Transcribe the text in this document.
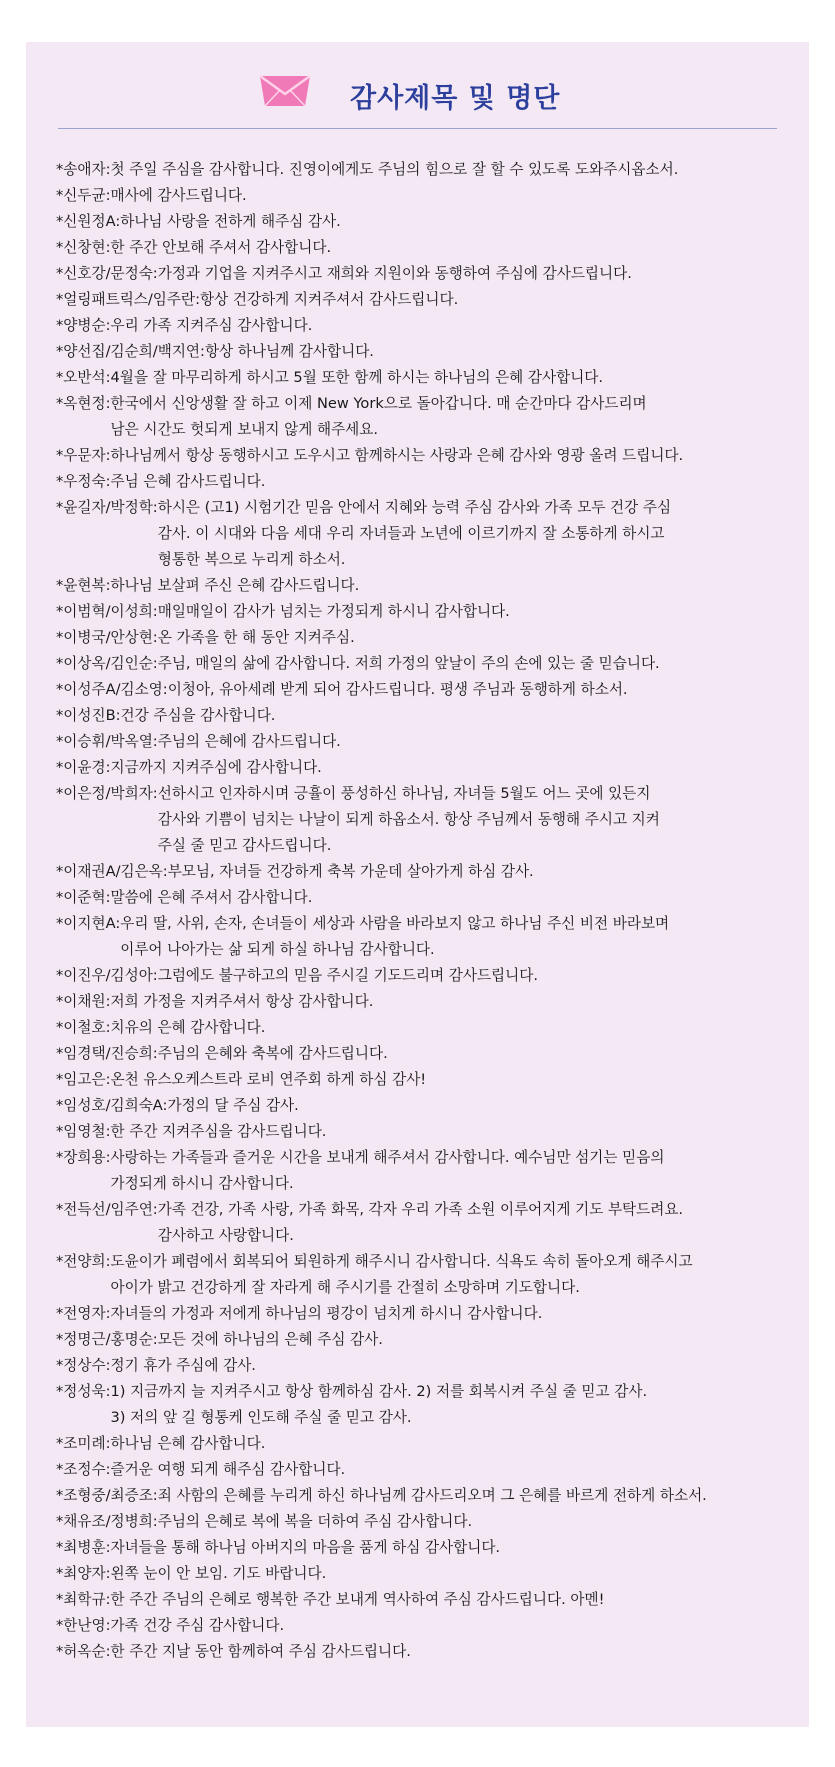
감사제목 및 명단
*송애자: 첫 주일 주심을 감사합니다. 진영이에게도 주님의 힘으로 잘 할 수 있도록 도와주시옵소서.
*신두균: 매사에 감사드립니다.
*신원정A: 하나님 사랑을 전하게 해주심 감사.
*신창현: 한 주간 안보해 주셔서 감사합니다.
*신호강/문정숙: 가정과 기업을 지켜주시고 재희와 지원이와 동행하여 주심에 감사드립니다.
*얼링패트릭스/임주란: 항상 건강하게 지켜주셔서 감사드립니다.
*양병순: 우리 가족 지켜주심 감사합니다.
*양선집/김순희/백지연: 항상 하나님께 감사합니다.
*오반석: 4월을 잘 마무리하게 하시고 5월 또한 함께 하시는 하나님의 은혜 감사합니다.
*옥현정: 한국에서 신앙생활 잘 하고 이제 New York으로 돌아갑니다. 매 순간마다 감사드리며
남은 시간도 헛되게 보내지 않게 해주세요.
*우문자: 하나님께서 항상 동행하시고 도우시고 함께하시는 사랑과 은혜 감사와 영광 올려 드립니다.
*우정숙: 주님 은혜 감사드립니다.
*윤길자/박정학: 하시은 (고1) 시험기간 믿음 안에서 지혜와 능력 주심 감사와 가족 모두 건강 주심
감사. 이 시대와 다음 세대 우리 자녀들과 노년에 이르기까지 잘 소통하게 하시고
형통한 복으로 누리게 하소서.
*윤현복: 하나님 보살펴 주신 은혜 감사드립니다.
*이범혁/이성희: 매일매일이 감사가 넘치는 가정되게 하시니 감사합니다.
*이병국/안상현: 온 가족을 한 해 동안 지켜주심.
*이상옥/김인순: 주님, 매일의 삶에 감사합니다. 저희 가정의 앞날이 주의 손에 있는 줄 믿습니다.
*이성주A/김소영: 이청아, 유아세례 받게 되어 감사드립니다. 평생 주님과 동행하게 하소서.
*이성진B: 건강 주심을 감사합니다.
*이승휘/박옥열: 주님의 은혜에 감사드립니다.
*이윤경: 지금까지 지켜주심에 감사합니다.
*이은정/박희자: 선하시고 인자하시며 긍휼이 풍성하신 하나님, 자녀들 5월도 어느 곳에 있든지
감사와 기쁨이 넘치는 나날이 되게 하옵소서. 항상 주님께서 동행해 주시고 지켜
주실 줄 믿고 감사드립니다.
*이재권A/김은옥: 부모님, 자녀들 건강하게 축복 가운데 살아가게 하심 감사.
*이준혁: 말씀에 은혜 주셔서 감사합니다.
*이지현A: 우리 딸, 사위, 손자, 손녀들이 세상과 사람을 바라보지 않고 하나님 주신 비전 바라보며
이루어 나아가는 삶 되게 하실 하나님 감사합니다.
*이진우/김성아: 그럼에도 불구하고의 믿음 주시길 기도드리며 감사드립니다.
*이채원: 저희 가정을 지켜주셔서 항상 감사합니다.
*이철호: 치유의 은혜 감사합니다.
*임경택/진승희: 주님의 은혜와 축복에 감사드립니다.
*임고은: 온천 유스오케스트라 로비 연주회 하게 하심 감사!
*임성호/김희숙A: 가정의 달 주심 감사.
*임영철: 한 주간 지켜주심을 감사드립니다.
*장희용: 사랑하는 가족들과 즐거운 시간을 보내게 해주셔서 감사합니다. 예수님만 섬기는 믿음의
가정되게 하시니 감사합니다.
*전득선/임주연: 가족 건강, 가족 사랑, 가족 화목, 각자 우리 가족 소원 이루어지게 기도 부탁드려요.
감사하고 사랑합니다.
*전양희: 도윤이가 폐렴에서 회복되어 퇴원하게 해주시니 감사합니다. 식욕도 속히 돌아오게 해주시고
아이가 밝고 건강하게 잘 자라게 해 주시기를 간절히 소망하며 기도합니다.
*전영자: 자녀들의 가정과 저에게 하나님의 평강이 넘치게 하시니 감사합니다.
*정명근/홍명순: 모든 것에 하나님의 은혜 주심 감사.
*정상수: 정기 휴가 주심에 감사.
*정성욱: 1) 지금까지 늘 지켜주시고 항상 함께하심 감사. 2) 저를 회복시켜 주실 줄 믿고 감사.
3) 저의 앞 길 형통케 인도해 주실 줄 믿고 감사.
*조미례: 하나님 은혜 감사합니다.
*조정수: 즐거운 여행 되게 해주심 감사합니다.
*조형중/최증조: 죄 사함의 은혜를 누리게 하신 하나님께 감사드리오며 그 은혜를 바르게 전하게 하소서.
*채유조/정병희: 주님의 은혜로 복에 복을 더하여 주심 감사합니다.
*최병훈: 자녀들을 통해 하나님 아버지의 마음을 품게 하심 감사합니다.
*최양자: 왼쪽 눈이 안 보임. 기도 바랍니다.
*최학규: 한 주간 주님의 은혜로 행복한 주간 보내게 역사하여 주심 감사드립니다. 아멘!
*한난영: 가족 건강 주심 감사합니다.
*허옥순: 한 주간 지날 동안 함께하여 주심 감사드립니다.
